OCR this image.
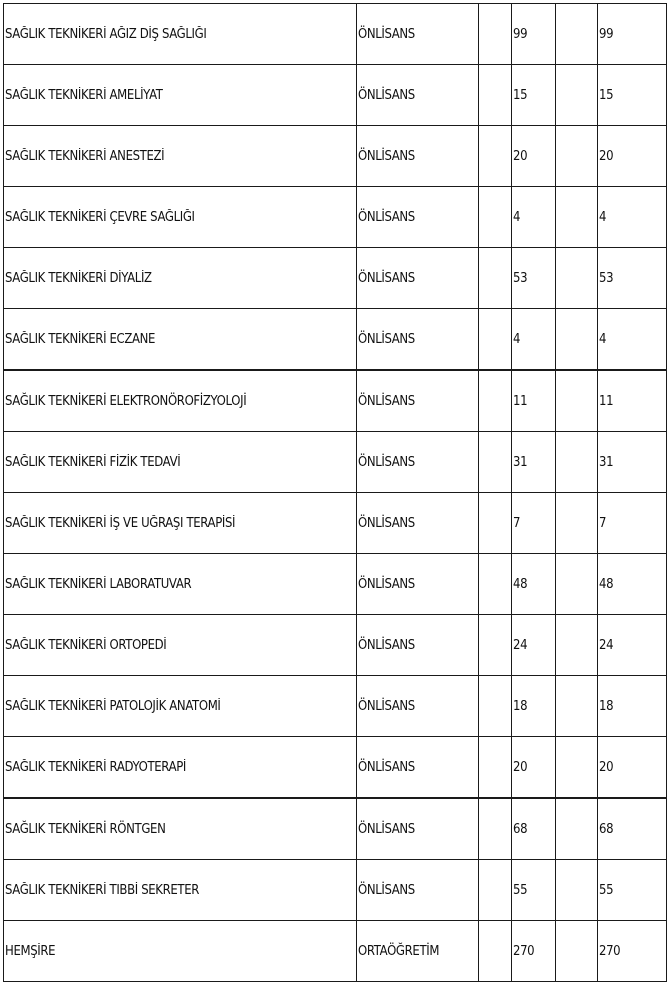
SAĞLIK TEKNİKERİ AĞIZ DİŞ SAĞLIĞI	ÖNLİSANS		99		99
SAĞLIK TEKNİKERİ AMELİYAT	ÖNLİSANS		15		15
SAĞLIK TEKNİKERİ ANESTEZİ	ÖNLİSANS		20		20
SAĞLIK TEKNİKERİ ÇEVRE SAĞLIĞI	ÖNLİSANS		4		4
SAĞLIK TEKNİKERİ DİYALİZ	ÖNLİSANS		53		53
SAĞLIK TEKNİKERİ ECZANE	ÖNLİSANS		4		4
SAĞLIK TEKNİKERİ ELEKTRONÖROFİZYOLOJİ	ÖNLİSANS		11		11
SAĞLIK TEKNİKERİ FİZİK TEDAVİ	ÖNLİSANS		31		31
SAĞLIK TEKNİKERİ İŞ VE UĞRAŞI TERAPİSİ	ÖNLİSANS		7		7
SAĞLIK TEKNİKERİ LABORATUVAR	ÖNLİSANS		48		48
SAĞLIK TEKNİKERİ ORTOPEDİ	ÖNLİSANS		24		24
SAĞLIK TEKNİKERİ PATOLOJİK ANATOMİ	ÖNLİSANS		18		18
SAĞLIK TEKNİKERİ RADYOTERAPİ	ÖNLİSANS		20		20
SAĞLIK TEKNİKERİ RÖNTGEN	ÖNLİSANS		68		68
SAĞLIK TEKNİKERİ TIBBİ SEKRETER	ÖNLİSANS		55		55
HEMŞİRE	ORTAÖĞRETİM		270		270
